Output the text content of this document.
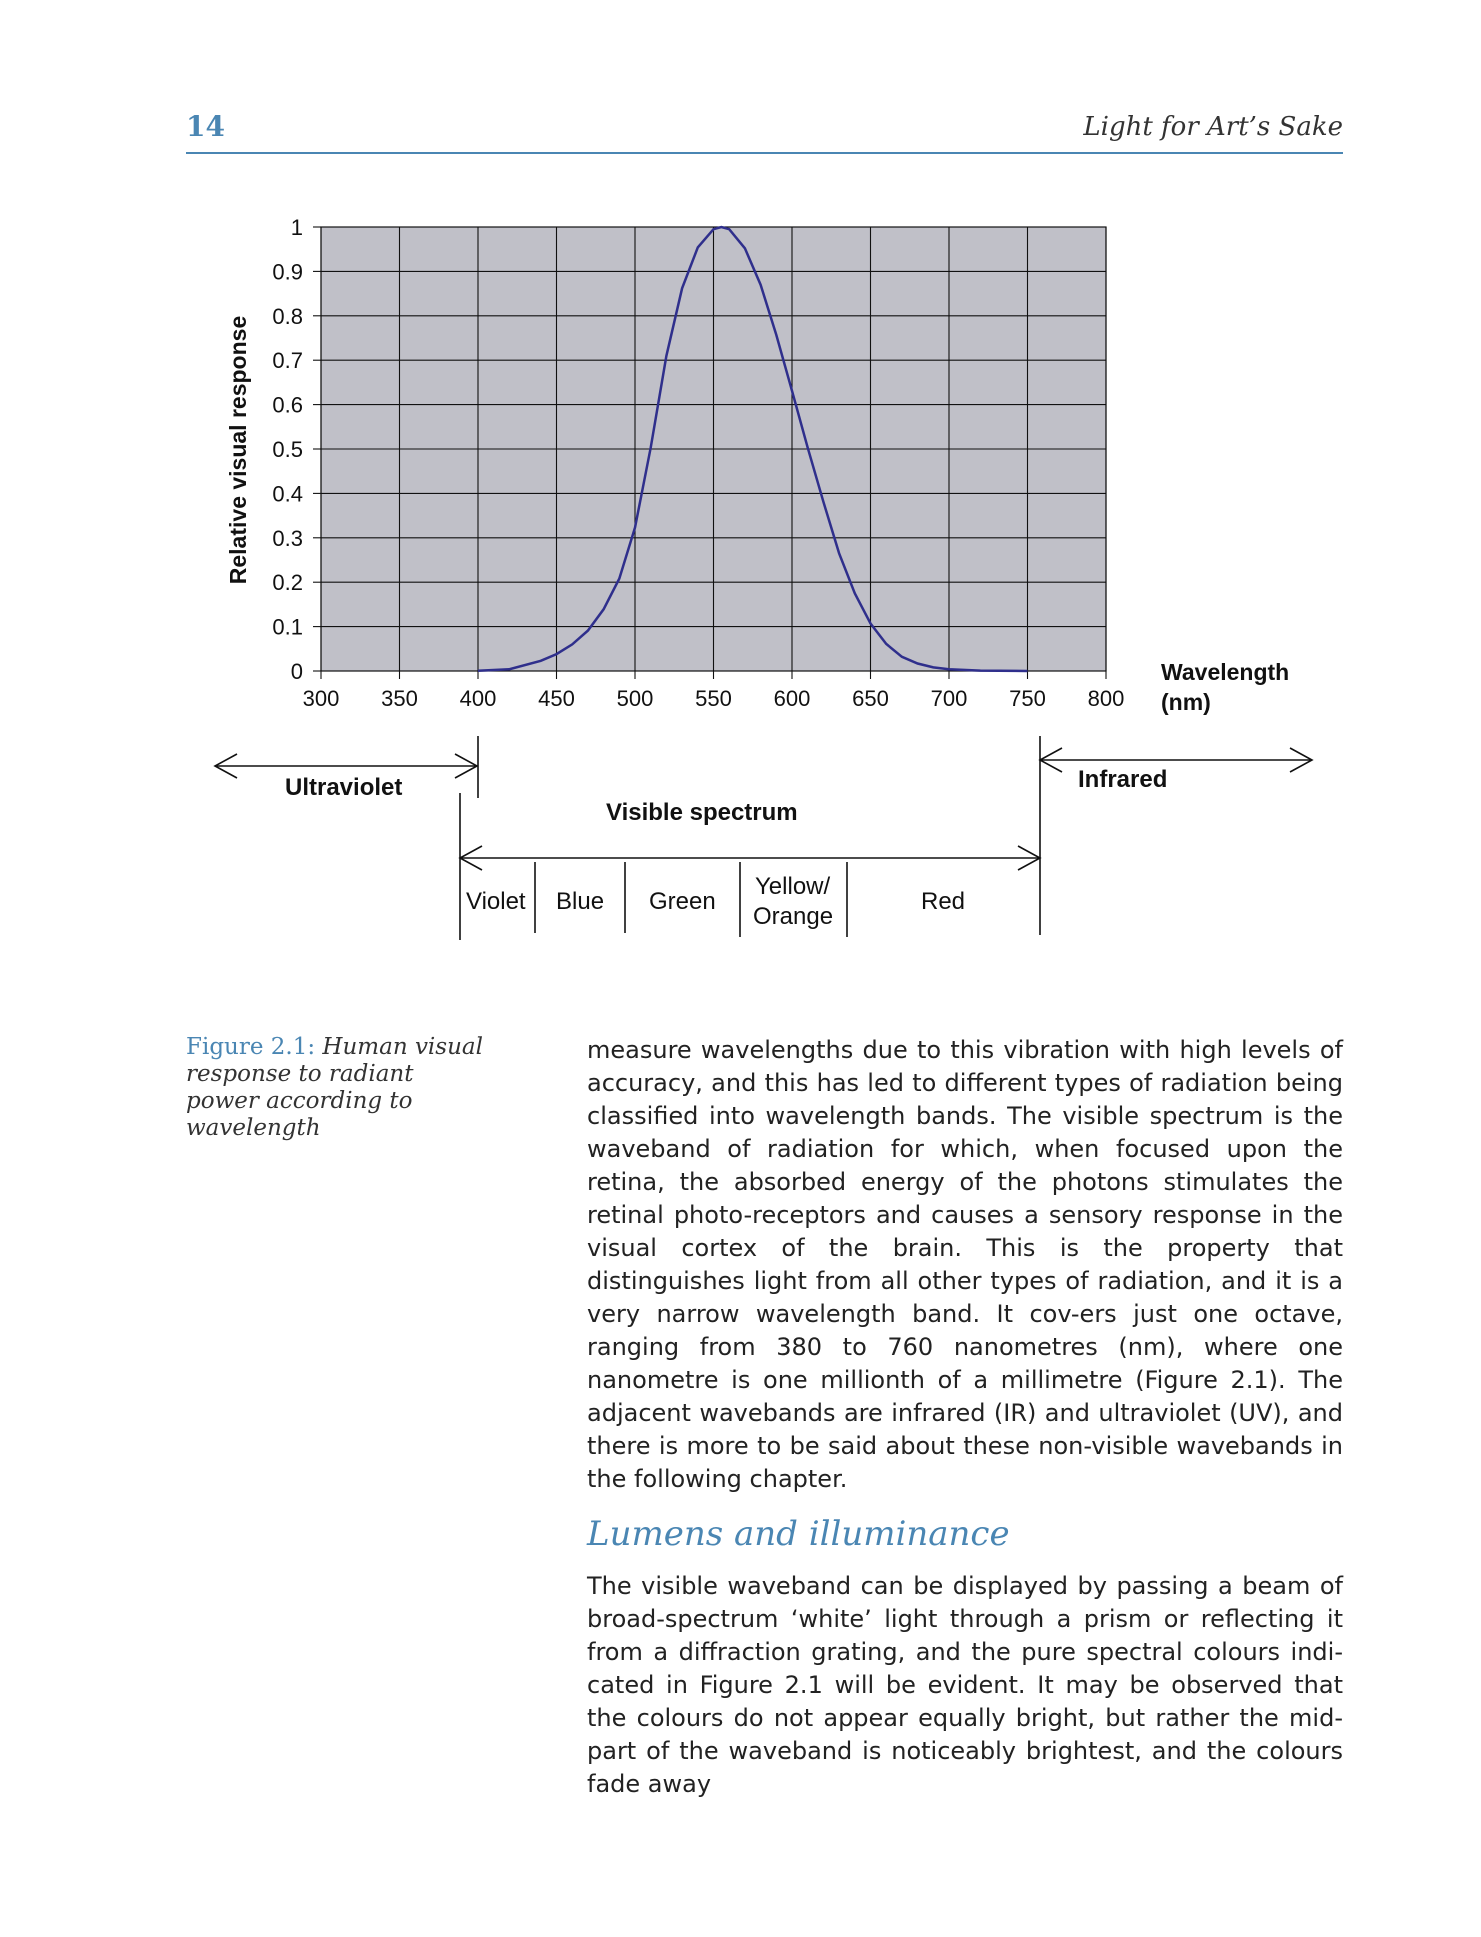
14	Light for Art’s Sake
0
0.1
0.2
0.3
0.4
0.5
0.6
0.7
0.8
0.9
1
300 350 400 450 500 550 600 650 700 750 800
Relative visual response
Wavelength
(nm)
Ultraviolet
Visible spectrum
Infrared
Violet Blue Green
Yellow/
Orange
Red
Figure 2.1: Human visual response to radiant power according to wavelength
measure wavelengths due to this vibration with high levels of accuracy, and this has led to different types of radiation being classified into wavelength bands. The visible spectrum is the waveband of radiation for which, when focused upon the retina, the absorbed energy of the photons stimulates the retinal photo-receptors and causes a sensory response in the visual cortex of the brain. This is the property that distinguishes light from all other types of radiation, and it is a very narrow wavelength band. It cov-ers just one octave, ranging from 380 to 760 nanometres (nm), where one nanometre is one millionth of a millimetre (Figure 2.1). The adjacent wavebands are infrared (IR) and ultraviolet (UV), and there is more to be said about these non-visible wavebands in the following chapter.
Lumens and illuminance
The visible waveband can be displayed by passing a beam of broad-spectrum ‘white’ light through a prism or reflecting it from a diffraction grating, and the pure spectral colours indi-cated in Figure 2.1 will be evident. It may be observed that the colours do not appear equally bright, but rather the mid-part of the waveband is noticeably brightest, and the colours fade away
